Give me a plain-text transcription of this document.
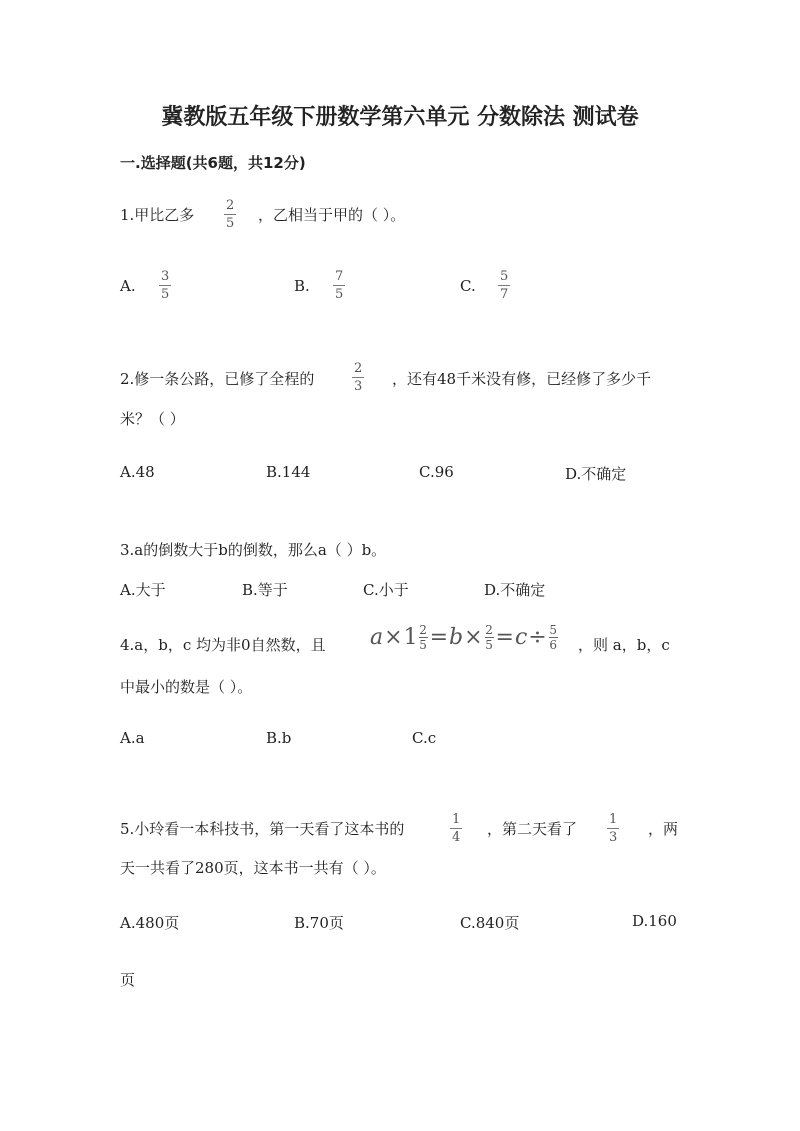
冀教版五年级下册数学第六单元 分数除法 测试卷
一.选择题(共6题，共12分)
1.甲比乙多
2
5 ，乙相当于甲的（ ）。
A.
3
5	B.
7
5	C.
5
7
2.修一条公路，已修了全程的
2
3 ，还有48千米没有修，已经修了多少千
米？（ ）
A.48	B.144	C.96	D.不确定
3.a的倒数大于b的倒数，那么a（ ）b。
A.大于	B.等于	C.小于	D.不确定
4.a，b，c 均为非0自然数，且 $a \times 1 \frac{2}{5} = b \times \frac{2}{5} = c \div \frac{5}{6}$ ，则 a，b，c
中最小的数是（ ）。
A.a	B.b	C.c
5.小玲看一本科技书，第一天看了这本书的
1
4 ，第二天看了
1
3 ，两
天一共看了280页，这本书一共有（ ）。
A.480页	B.70页	C.840页	D.160
页
